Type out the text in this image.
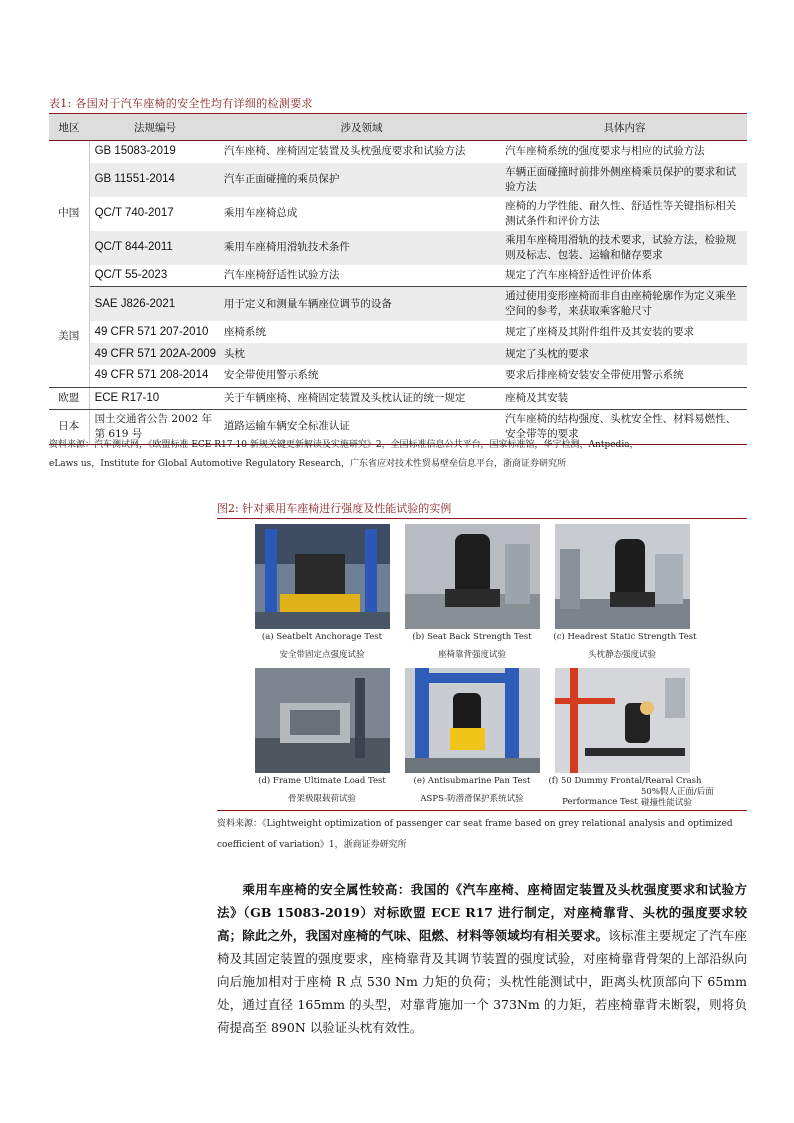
表1: 各国对于汽车座椅的安全性均有详细的检测要求
地区	法规编号	涉及领域	具体内容
中国	GB 15083-2019	汽车座椅、座椅固定装置及头枕强度要求和试验方法	汽车座椅系统的强度要求与相应的试验方法
	GB 11551-2014	汽车正面碰撞的乘员保护	车辆正面碰撞时前排外侧座椅乘员保护的要求和试验方法
	QC/T 740-2017	乘用车座椅总成	座椅的力学性能、耐久性、舒适性等关键指标相关测试条件和评价方法
	QC/T 844-2011	乘用车座椅用滑轨技术条件	乘用车座椅用滑轨的技术要求，试验方法，检验规则及标志、包装、运输和储存要求
	QC/T 55-2023	汽车座椅舒适性试验方法	规定了汽车座椅舒适性评价体系
美国	SAE J826-2021	用于定义和测量车辆座位调节的设备	通过使用变形座椅而非自由座椅轮廓作为定义乘坐空间的参考，来获取乘客舱尺寸
	49 CFR 571 207-2010	座椅系统	规定了座椅及其附件组件及其安装的要求
	49 CFR 571 202A-2009	头枕	规定了头枕的要求
	49 CFR 571 208-2014	安全带使用警示系统	要求后排座椅安装安全带使用警示系统
欧盟	ECE R17-10	关于车辆座椅、座椅固定装置及头枕认证的统一规定	座椅及其安装
日本	国土交通省公告 2002 年第 619 号	道路运输车辆安全标准认证	汽车座椅的结构强度、头枕安全性、材料易燃性、安全带等的要求
资料来源：汽车测试网，《欧盟标准 ECE R17-10 新规关键更新解读及实施研究》2，全国标准信息公共平台，国家标准馆，华宇检测，Antpedia，
eLaws us，Institute for Global Automotive Regulatory Research，广东省应对技术性贸易壁垒信息平台，浙商证券研究所
图2: 针对乘用车座椅进行强度及性能试验的实例
(a) Seatbelt Anchorage Test
安全带固定点强度试验
(b) Seat Back Strength Test
座椅靠背强度试验
(c) Headrest Static Strength Test
头枕静态强度试验
(d) Frame Ultimate Load Test
骨架极限载荷试验
(e) Antisubmarine Pan Test
ASPS-防潜滑保护系统试验
(f) 50 Dummy Frontal/Rearal Crash
Performance Test
50%假人正面/后面碰撞性能试验
资料来源：《Lightweight optimization of passenger car seat frame based on grey relational analysis and optimized
coefficient of variation》1，浙商证券研究所
乘用车座椅的安全属性较高：我国的《汽车座椅、座椅固定装置及头枕强度要求和试验方法》（GB 15083-2019）对标欧盟 ECE R17 进行制定，对座椅靠背、头枕的强度要求较高；除此之外，我国对座椅的气味、阻燃、材料等领域均有相关要求。该标准主要规定了汽车座椅及其固定装置的强度要求，座椅靠背及其调节装置的强度试验，对座椅靠背骨架的上部沿纵向向后施加相对于座椅 R 点 530 Nm 力矩的负荷；头枕性能测试中，距离头枕顶部向下 65mm 处，通过直径 165mm 的头型，对靠背施加一个 373Nm 的力矩，若座椅靠背未断裂，则将负荷提高至 890N 以验证头枕有效性。
